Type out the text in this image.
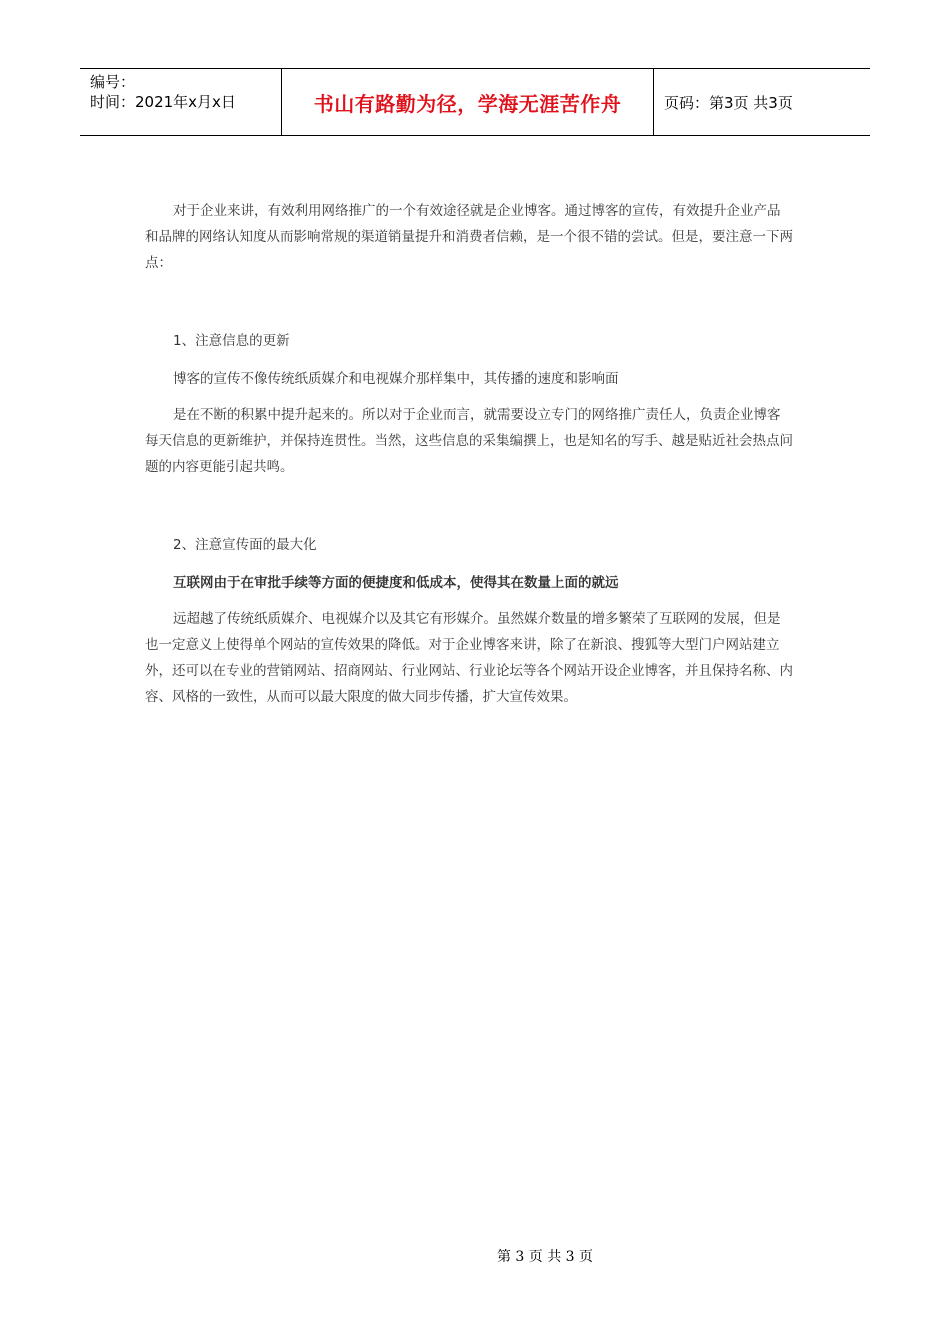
编号：
时间：2021年x月x日	书山有路勤为径，学海无涯苦作舟	页码：第3页 共3页

对于企业来讲，有效利用网络推广的一个有效途径就是企业博客。通过博客的宣传，有效提升企业产品和品牌的网络认知度从而影响常规的渠道销量提升和消费者信赖，是一个很不错的尝试。但是，要注意一下两点：

1、注意信息的更新

博客的宣传不像传统纸质媒介和电视媒介那样集中，其传播的速度和影响面

是在不断的积累中提升起来的。所以对于企业而言，就需要设立专门的网络推广责任人，负责企业博客每天信息的更新维护，并保持连贯性。当然，这些信息的采集编撰上，也是知名的写手、越是贴近社会热点问题的内容更能引起共鸣。

2、注意宣传面的最大化

互联网由于在审批手续等方面的便捷度和低成本，使得其在数量上面的就远

远超越了传统纸质媒介、电视媒介以及其它有形媒介。虽然媒介数量的增多繁荣了互联网的发展，但是也一定意义上使得单个网站的宣传效果的降低。对于企业博客来讲，除了在新浪、搜狐等大型门户网站建立外，还可以在专业的营销网站、招商网站、行业网站、行业论坛等各个网站开设企业博客，并且保持名称、内容、风格的一致性，从而可以最大限度的做大同步传播，扩大宣传效果。

第 3 页 共 3 页
